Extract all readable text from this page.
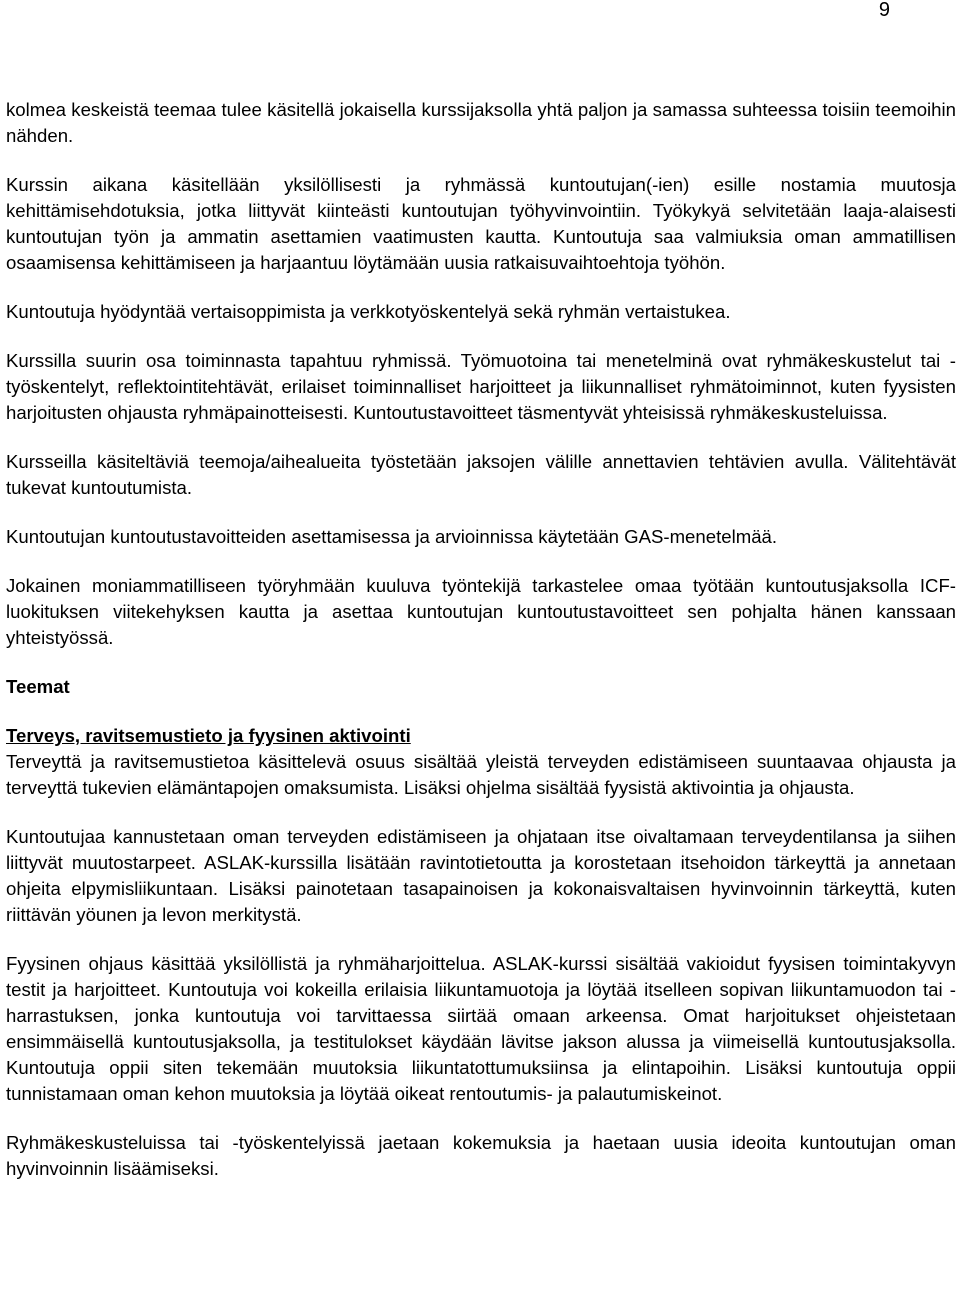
9

kolmea keskeistä teemaa tulee käsitellä jokaisella kurssijaksolla yhtä paljon ja samassa suhteessa toisiin teemoihin nähden.

Kurssin aikana käsitellään yksilöllisesti ja ryhmässä kuntoutujan(-ien) esille nostamia muutosja kehittämisehdotuksia, jotka liittyvät kiinteästi kuntoutujan työhyvinvointiin. Työkykyä selvitetään laaja-alaisesti kuntoutujan työn ja ammatin asettamien vaatimusten kautta. Kuntoutuja saa valmiuksia oman ammatillisen osaamisensa kehittämiseen ja harjaantuu löytämään uusia ratkaisuvaihtoehtoja työhön.

Kuntoutuja hyödyntää vertaisoppimista ja verkkotyöskentelyä sekä ryhmän vertaistukea.

Kurssilla suurin osa toiminnasta tapahtuu ryhmissä. Työmuotoina tai menetelminä ovat ryhmäkeskustelut tai -työskentelyt, reflektointitehtävät, erilaiset toiminnalliset harjoitteet ja liikunnalliset ryhmätoiminnot, kuten fyysisten harjoitusten ohjausta ryhmäpainotteisesti. Kuntoutustavoitteet täsmentyvät yhteisissä ryhmäkeskusteluissa.

Kursseilla käsiteltäviä teemoja/aihealueita työstetään jaksojen välille annettavien tehtävien avulla. Välitehtävät tukevat kuntoutumista.

Kuntoutujan kuntoutustavoitteiden asettamisessa ja arvioinnissa käytetään GAS-menetelmää.

Jokainen moniammatilliseen työryhmään kuuluva työntekijä tarkastelee omaa työtään kuntoutusjaksolla ICF-luokituksen viitekehyksen kautta ja asettaa kuntoutujan kuntoutustavoitteet sen pohjalta hänen kanssaan yhteistyössä.

Teemat
Terveys, ravitsemustieto ja fyysinen aktivointi

Terveyttä ja ravitsemustietoa käsittelevä osuus sisältää yleistä terveyden edistämiseen suuntaavaa ohjausta ja terveyttä tukevien elämäntapojen omaksumista. Lisäksi ohjelma sisältää fyysistä aktivointia ja ohjausta.

Kuntoutujaa kannustetaan oman terveyden edistämiseen ja ohjataan itse oivaltamaan terveydentilansa ja siihen liittyvät muutostarpeet. ASLAK-kurssilla lisätään ravintotietoutta ja korostetaan itsehoidon tärkeyttä ja annetaan ohjeita elpymisliikuntaan. Lisäksi painotetaan tasapainoisen ja kokonaisvaltaisen hyvinvoinnin tärkeyttä, kuten riittävän yöunen ja levon merkitystä.

Fyysinen ohjaus käsittää yksilöllistä ja ryhmäharjoittelua. ASLAK-kurssi sisältää vakioidut fyysisen toimintakyvyn testit ja harjoitteet. Kuntoutuja voi kokeilla erilaisia liikuntamuotoja ja löytää itselleen sopivan liikuntamuodon tai -harrastuksen, jonka kuntoutuja voi tarvittaessa siirtää omaan arkeensa. Omat harjoitukset ohjeistetaan ensimmäisellä kuntoutusjaksolla, ja testitulokset käydään lävitse jakson alussa ja viimeisellä kuntoutusjaksolla. Kuntoutuja oppii siten tekemään muutoksia liikuntatottumuksiinsa ja elintapoihin. Lisäksi kuntoutuja oppii tunnistamaan oman kehon muutoksia ja löytää oikeat rentoutumis- ja palautumiskeinot.

Ryhmäkeskusteluissa tai -työskentelyissä jaetaan kokemuksia ja haetaan uusia ideoita kuntoutujan oman hyvinvoinnin lisäämiseksi.
